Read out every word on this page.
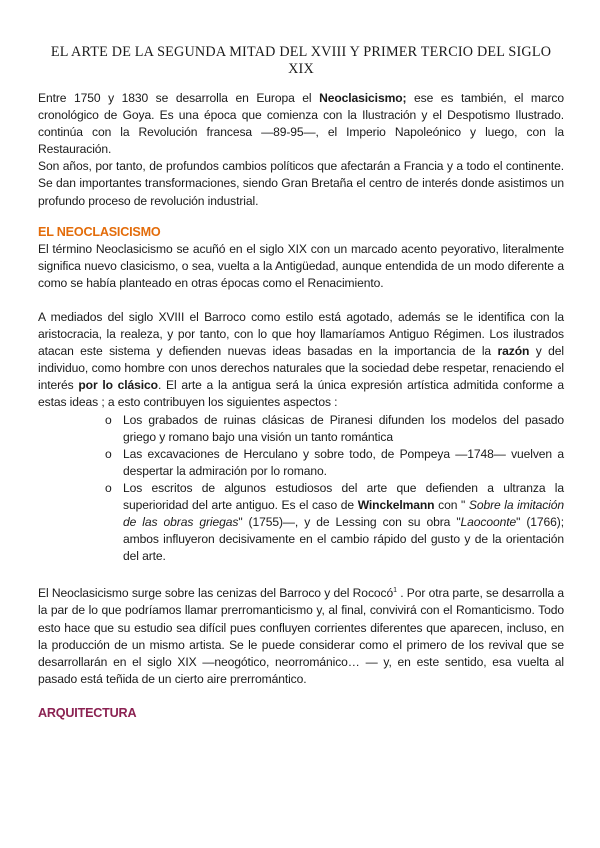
EL ARTE DE LA SEGUNDA MITAD DEL XVIII Y PRIMER TERCIO DEL SIGLO XIX

Entre 1750 y 1830 se desarrolla en Europa el Neoclasicismo; ese es también, el marco cronológico de Goya. Es una época que comienza con la Ilustración y el Despotismo Ilustrado. continúa con la Revolución francesa —89-95—, el Imperio Napoleónico y luego, con la Restauración.

Son años, por tanto, de profundos cambios políticos que afectarán a Francia y a todo el continente. Se dan importantes transformaciones, siendo Gran Bretaña el centro de interés donde asistimos un profundo proceso de revolución industrial.

EL NEOCLASICISMO

El término Neoclasicismo se acuñó en el siglo XIX con un marcado acento peyorativo, literalmente significa nuevo clasicismo, o sea, vuelta a la Antigüedad, aunque entendida de un modo diferente a como se había planteado en otras épocas como el Renacimiento.

A mediados del siglo XVIII el Barroco como estilo está agotado, además se le identifica con la aristocracia, la realeza, y por tanto, con lo que hoy llamaríamos Antiguo Régimen. Los ilustrados atacan este sistema y defienden nuevas ideas basadas en la importancia de la razón y del individuo, como hombre con unos derechos naturales que la sociedad debe respetar, renaciendo el interés por lo clásico. El arte a la antigua será la única expresión artística admitida conforme a estas ideas ; a esto contribuyen los siguientes aspectos :

o Los grabados de ruinas clásicas de Piranesi difunden los modelos del pasado griego y romano bajo una visión un tanto romántica
o Las excavaciones de Herculano y sobre todo, de Pompeya —1748— vuelven a despertar la admiración por lo romano.
o Los escritos de algunos estudiosos del arte que defienden a ultranza la superioridad del arte antiguo. Es el caso de Winckelmann con " Sobre la imitación de las obras griegas" (1755)—, y de Lessing con su obra "Laocoonte" (1766); ambos influyeron decisivamente en el cambio rápido del gusto y de la orientación del arte.

El Neoclasicismo surge sobre las cenizas del Barroco y del Rococó$^1$ . Por otra parte, se desarrolla a la par de lo que podríamos llamar prerromanticismo y, al final, convivirá con el Romanticismo. Todo esto hace que su estudio sea difícil pues confluyen corrientes diferentes que aparecen, incluso, en la producción de un mismo artista. Se le puede considerar como el primero de los revival que se desarrollarán en el siglo XIX —neogótico, neorrománico… — y, en este sentido, esa vuelta al pasado está teñida de un cierto aire prerromántico.

ARQUITECTURA
